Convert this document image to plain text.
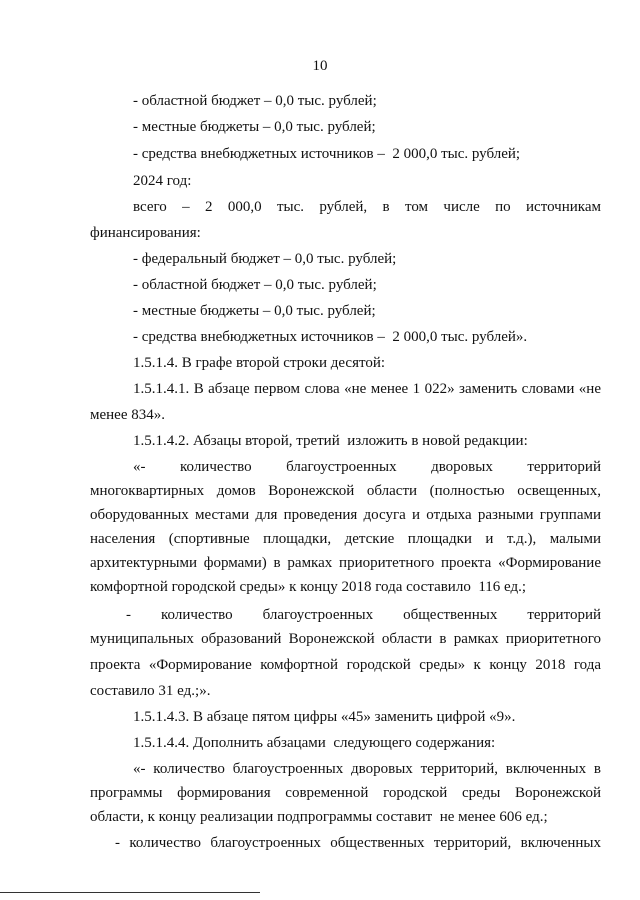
10
- областной бюджет – 0,0 тыс. рублей;
- местные бюджеты – 0,0 тыс. рублей;
- средства внебюджетных источников –  2 000,0 тыс. рублей;
2024 год:
всего – 2 000,0 тыс. рублей, в том числе по источникам
финансирования:
- федеральный бюджет – 0,0 тыс. рублей;
- областной бюджет – 0,0 тыс. рублей;
- местные бюджеты – 0,0 тыс. рублей;
- средства внебюджетных источников –  2 000,0 тыс. рублей».
1.5.1.4. В графе второй строки десятой:
1.5.1.4.1. В абзаце первом слова «не менее 1 022» заменить словами «не
менее 834».
1.5.1.4.2. Абзацы второй, третий  изложить в новой редакции:
«- количество благоустроенных дворовых территорий
многоквартирных домов Воронежской области (полностью освещенных,
оборудованных местами для проведения досуга и отдыха разными группами
населения (спортивные площадки, детские площадки и т.д.), малыми
архитектурными формами) в рамках приоритетного проекта «Формирование
комфортной городской среды» к концу 2018 года составило  116 ед.;
- количество благоустроенных общественных территорий
муниципальных образований Воронежской области в рамках приоритетного
проекта «Формирование комфортной городской среды» к концу 2018 года
составило 31 ед.;».
1.5.1.4.3. В абзаце пятом цифры «45» заменить цифрой «9».
1.5.1.4.4. Дополнить абзацами  следующего содержания:
«- количество благоустроенных дворовых территорий, включенных в
программы формирования современной городской среды Воронежской
области, к концу реализации подпрограммы составит  не менее 606 ед.;
- количество благоустроенных общественных территорий, включенных
